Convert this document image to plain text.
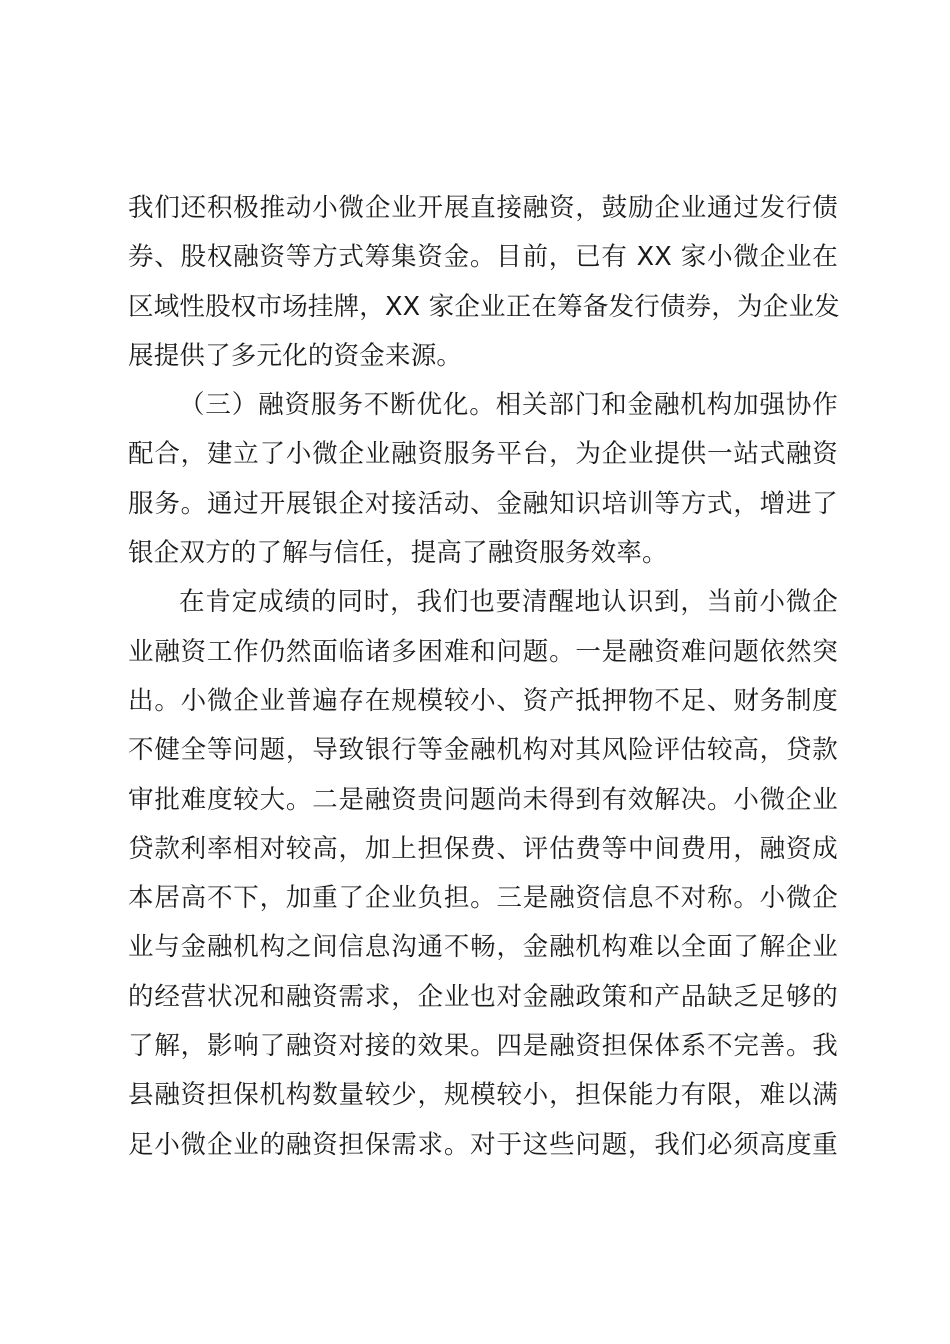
我们还积极推动小微企业开展直接融资，鼓励企业通过发行债
券、股权融资等方式筹集资金。目前，已有 XX 家小微企业在
区域性股权市场挂牌，XX 家企业正在筹备发行债券，为企业发
展提供了多元化的资金来源。
（三）融资服务不断优化。相关部门和金融机构加强协作
配合，建立了小微企业融资服务平台，为企业提供一站式融资
服务。通过开展银企对接活动、金融知识培训等方式，增进了
银企双方的了解与信任，提高了融资服务效率。
在肯定成绩的同时，我们也要清醒地认识到，当前小微企
业融资工作仍然面临诸多困难和问题。一是融资难问题依然突
出。小微企业普遍存在规模较小、资产抵押物不足、财务制度
不健全等问题，导致银行等金融机构对其风险评估较高，贷款
审批难度较大。二是融资贵问题尚未得到有效解决。小微企业
贷款利率相对较高，加上担保费、评估费等中间费用，融资成
本居高不下，加重了企业负担。三是融资信息不对称。小微企
业与金融机构之间信息沟通不畅，金融机构难以全面了解企业
的经营状况和融资需求，企业也对金融政策和产品缺乏足够的
了解，影响了融资对接的效果。四是融资担保体系不完善。我
县融资担保机构数量较少，规模较小，担保能力有限，难以满
足小微企业的融资担保需求。对于这些问题，我们必须高度重
